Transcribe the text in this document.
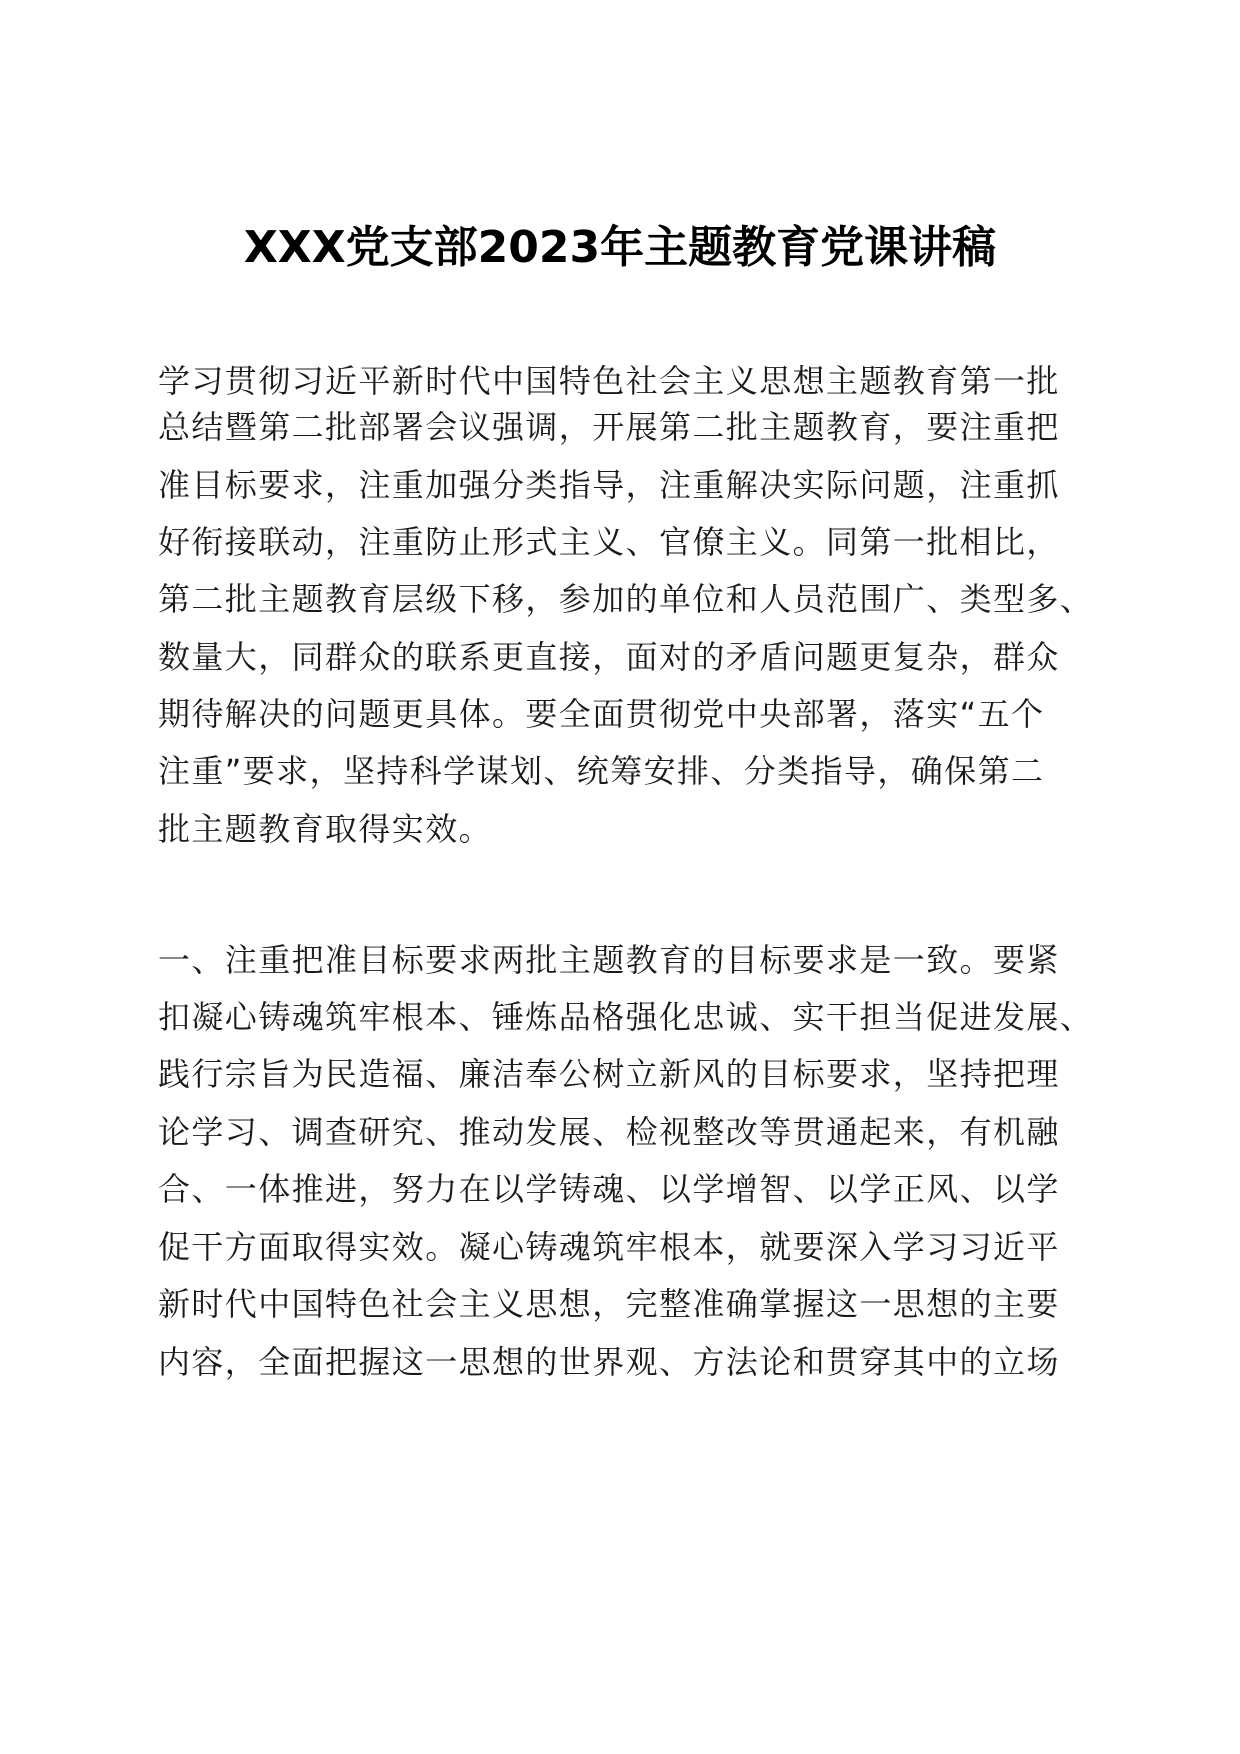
XXX党支部2023年主题教育党课讲稿
学习贯彻习近平新时代中国特色社会主义思想主题教育第一批
总结暨第二批部署会议强调，开展第二批主题教育，要注重把
准目标要求，注重加强分类指导，注重解决实际问题，注重抓
好衔接联动，注重防止形式主义、官僚主义。同第一批相比，
第二批主题教育层级下移，参加的单位和人员范围广、类型多、
数量大，同群众的联系更直接，面对的矛盾问题更复杂，群众
期待解决的问题更具体。要全面贯彻党中央部署，落实“五个
注重”要求，坚持科学谋划、统筹安排、分类指导，确保第二
批主题教育取得实效。
一、注重把准目标要求两批主题教育的目标要求是一致。要紧
扣凝心铸魂筑牢根本、锤炼品格强化忠诚、实干担当促进发展、
践行宗旨为民造福、廉洁奉公树立新风的目标要求，坚持把理
论学习、调查研究、推动发展、检视整改等贯通起来，有机融
合、一体推进，努力在以学铸魂、以学增智、以学正风、以学
促干方面取得实效。凝心铸魂筑牢根本，就要深入学习习近平
新时代中国特色社会主义思想，完整准确掌握这一思想的主要
内容，全面把握这一思想的世界观、方法论和贯穿其中的立场
